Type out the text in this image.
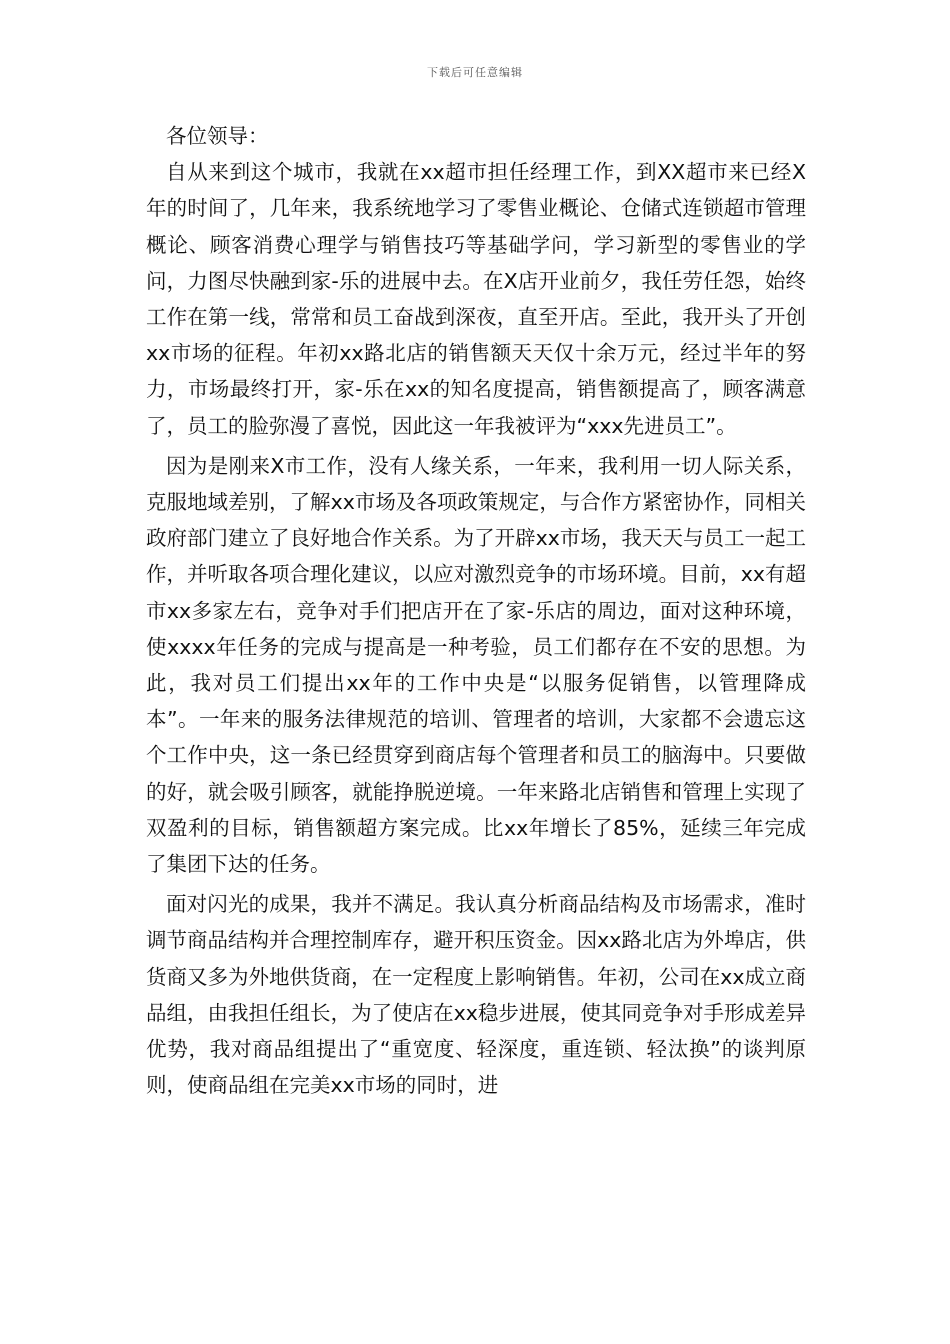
下载后可任意编辑

各位领导：

自从来到这个城市，我就在xx超市担任经理工作，到XX超市来已经X年的时间了，几年来，我系统地学习了零售业概论、仓储式连锁超市管理概论、顾客消费心理学与销售技巧等基础学问，学习新型的零售业的学问，力图尽快融到家-乐的进展中去。在X店开业前夕，我任劳任怨，始终工作在第一线，常常和员工奋战到深夜，直至开店。至此，我开头了开创xx市场的征程。年初xx路北店的销售额天天仅十余万元，经过半年的努力，市场最终打开，家-乐在xx的知名度提高，销售额提高了，顾客满意了，员工的脸弥漫了喜悦，因此这一年我被评为“xxx先进员工”。

因为是刚来X市工作，没有人缘关系，一年来，我利用一切人际关系，克服地域差别，了解xx市场及各项政策规定，与合作方紧密协作，同相关政府部门建立了良好地合作关系。为了开辟xx市场，我天天与员工一起工作，并听取各项合理化建议，以应对激烈竞争的市场环境。目前，xx有超市xx多家左右，竞争对手们把店开在了家-乐店的周边，面对这种环境，使xxxx年任务的完成与提高是一种考验，员工们都存在不安的思想。为此，我对员工们提出xx年的工作中央是“以服务促销售，以管理降成本”。一年来的服务法律规范的培训、管理者的培训，大家都不会遗忘这个工作中央，这一条已经贯穿到商店每个管理者和员工的脑海中。只要做的好，就会吸引顾客，就能挣脱逆境。一年来路北店销售和管理上实现了双盈利的目标，销售额超方案完成。比xx年增长了85%，延续三年完成了集团下达的任务。

面对闪光的成果，我并不满足。我认真分析商品结构及市场需求，准时调节商品结构并合理控制库存，避开积压资金。因xx路北店为外埠店，供货商又多为外地供货商，在一定程度上影响销售。年初，公司在xx成立商品组，由我担任组长，为了使店在xx稳步进展，使其同竞争对手形成差异优势，我对商品组提出了“重宽度、轻深度，重连锁、轻汰换”的谈判原则，使商品组在完美xx市场的同时，进
